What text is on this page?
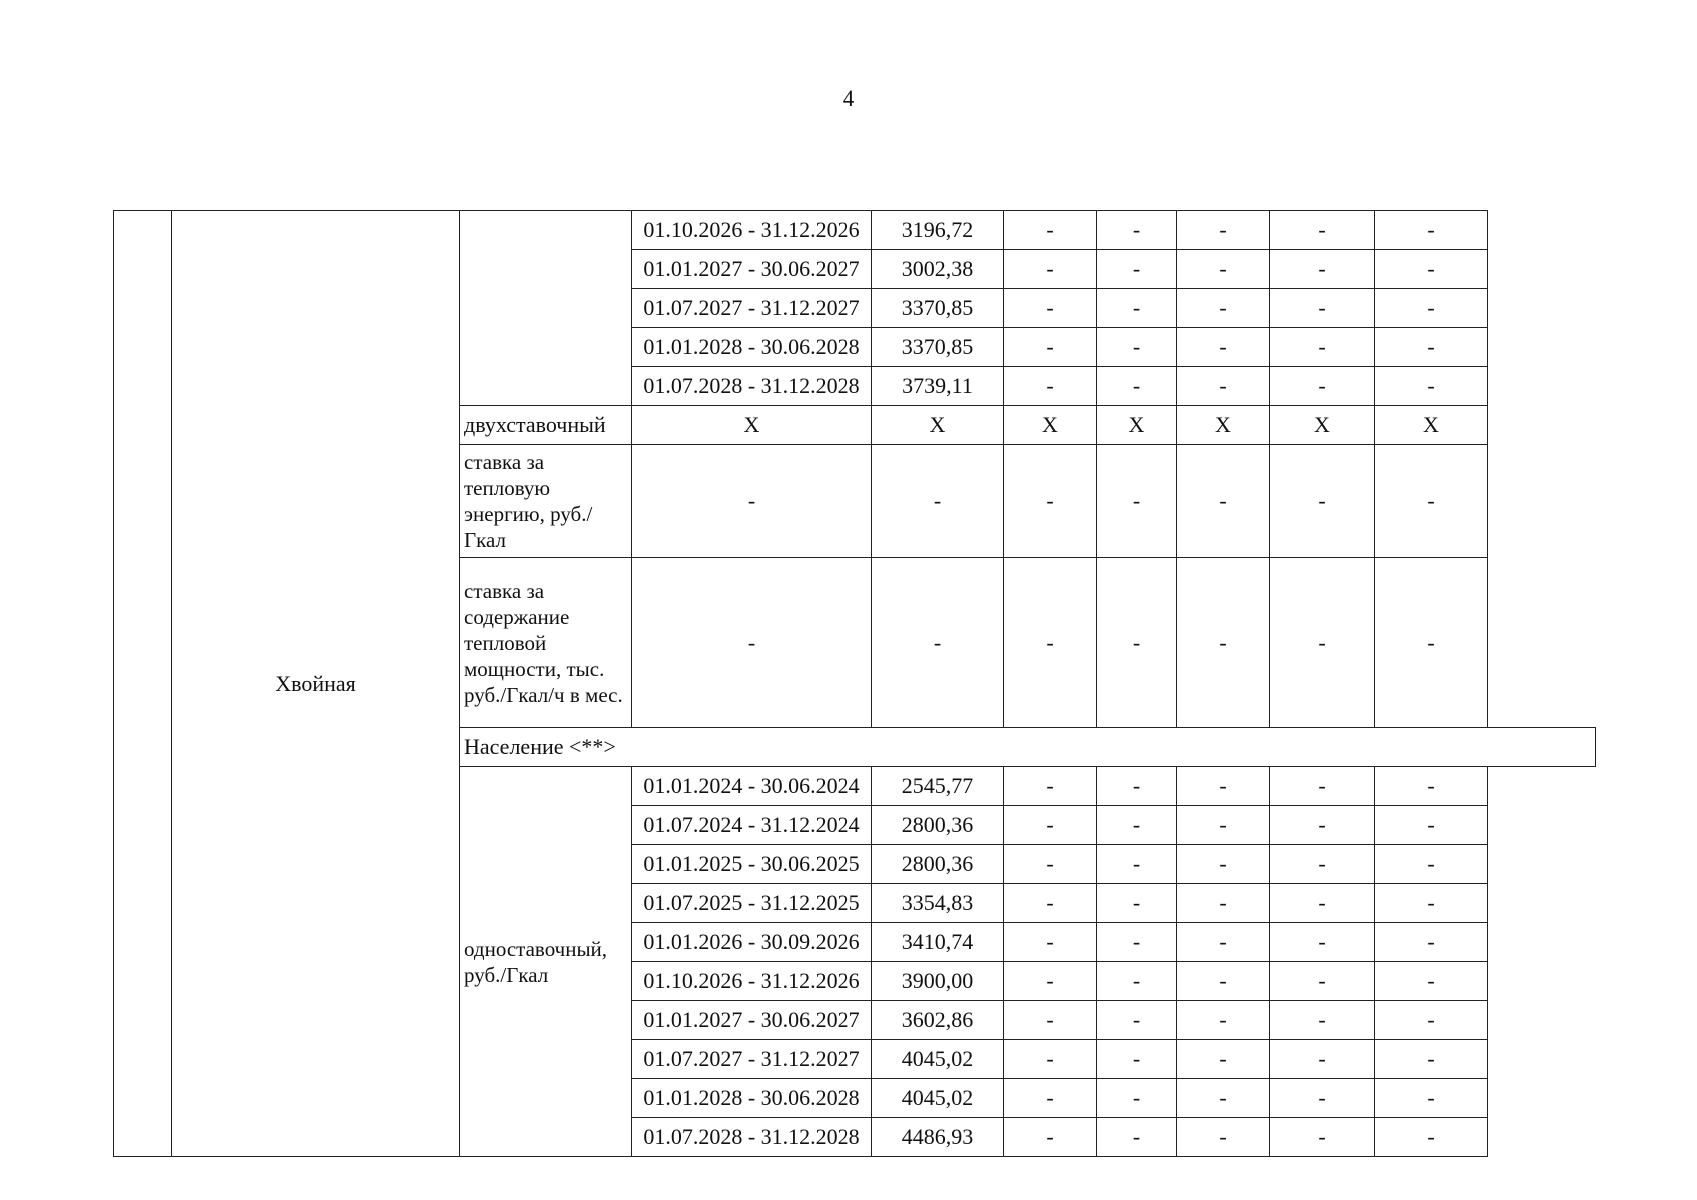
4
	Хвойная		01.10.2026 - 31.12.2026	3196,72	-	-	-	-	-
			01.01.2027 - 30.06.2027	3002,38	-	-	-	-	-
			01.07.2027 - 31.12.2027	3370,85	-	-	-	-	-
			01.01.2028 - 30.06.2028	3370,85	-	-	-	-	-
			01.07.2028 - 31.12.2028	3739,11	-	-	-	-	-
		двухставочный	X	X	X	X	X	X	X
		ставка за тепловую энергию, руб./Гкал	-	-	-	-	-	-	-
		ставка за содержание тепловой мощности, тыс. руб./Гкал/ч в мес.	-	-	-	-	-	-	-
		Население <**>							
		одноставочный, руб./Гкал	01.01.2024 - 30.06.2024	2545,77	-	-	-	-	-
			01.07.2024 - 31.12.2024	2800,36	-	-	-	-	-
			01.01.2025 - 30.06.2025	2800,36	-	-	-	-	-
			01.07.2025 - 31.12.2025	3354,83	-	-	-	-	-
			01.01.2026 - 30.09.2026	3410,74	-	-	-	-	-
			01.10.2026 - 31.12.2026	3900,00	-	-	-	-	-
			01.01.2027 - 30.06.2027	3602,86	-	-	-	-	-
			01.07.2027 - 31.12.2027	4045,02	-	-	-	-	-
			01.01.2028 - 30.06.2028	4045,02	-	-	-	-	-
			01.07.2028 - 31.12.2028	4486,93	-	-	-	-	-
